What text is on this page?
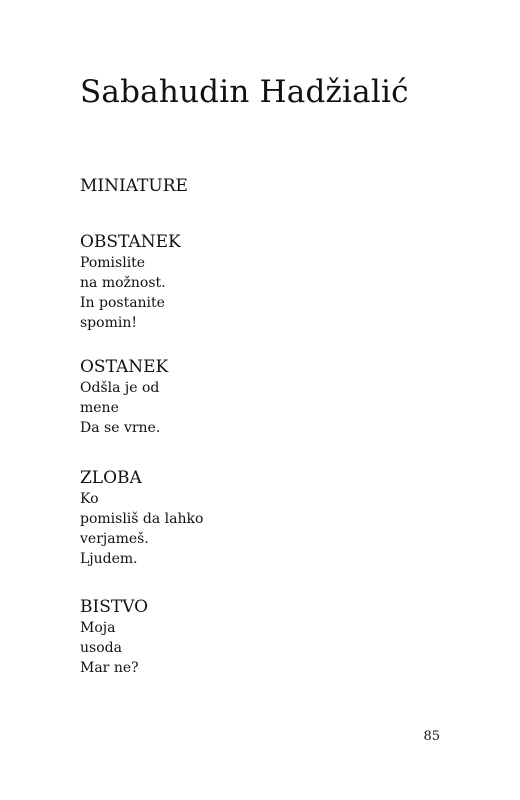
Sabahudin Hadžialić
MINIATURE
OBSTANEK
Pomislite
na možnost.
In postanite
spomin!
OSTANEK
Odšla je od
mene
Da se vrne.
ZLOBA
Ko
pomisliš da lahko
verjameš.
Ljudem.
BISTVO
Moja
usoda
Mar ne?
85
